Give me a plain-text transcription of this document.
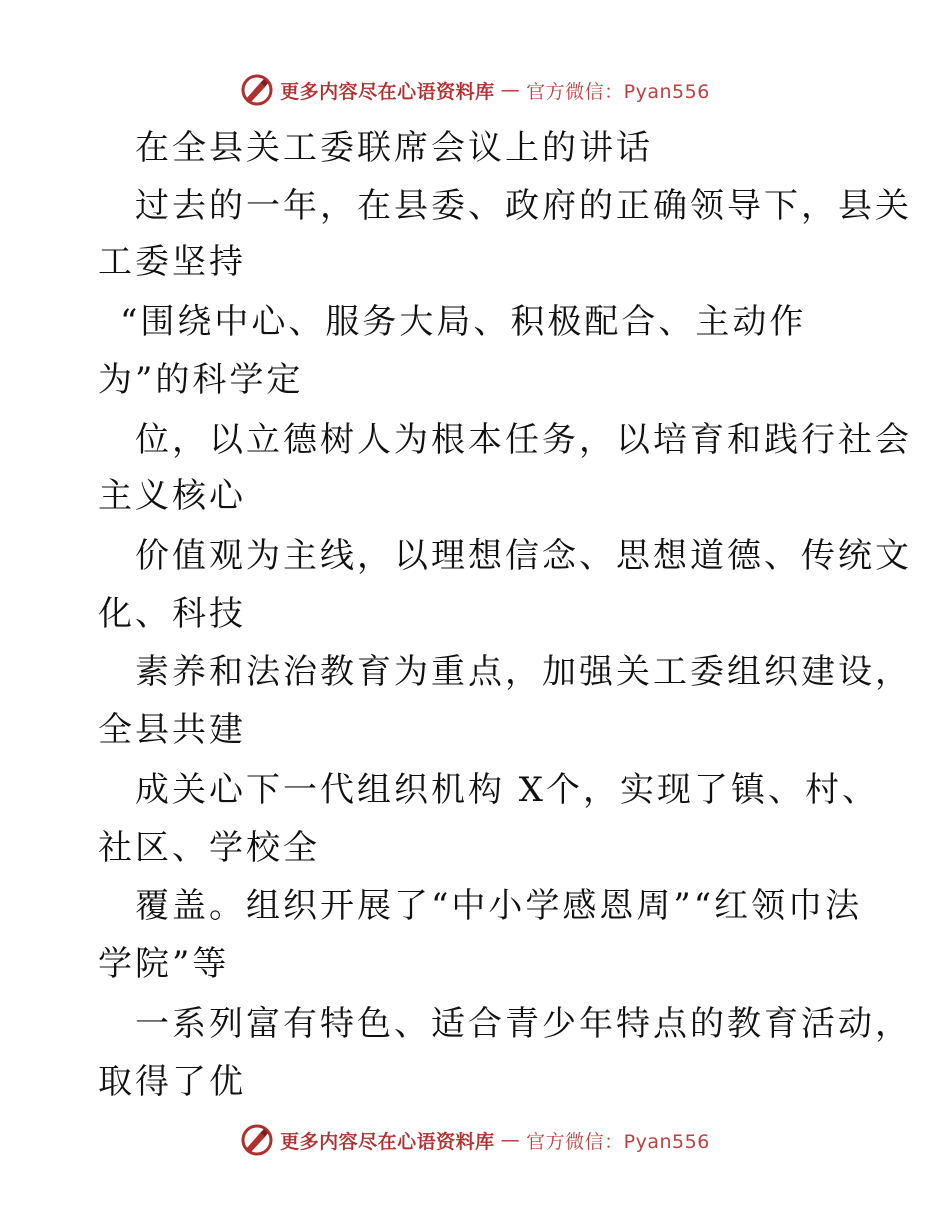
更多内容尽在心语资料库 — 官方微信：Pyan556
在全县关工委联席会议上的讲话
过去的一年，在县委、政府的正确领导下，县关
工委坚持
“围绕中心、服务大局、积极配合、主动作
为”的科学定
位，以立德树人为根本任务，以培育和践行社会
主义核心
价值观为主线，以理想信念、思想道德、传统文
化、科技
素养和法治教育为重点，加强关工委组织建设，
全县共建
成关心下一代组织机构 X个，实现了镇、村、
社区、学校全
覆盖。组织开展了“中小学感恩周”“红领巾法
学院”等
一系列富有特色、适合青少年特点的教育活动，
取得了优
更多内容尽在心语资料库 — 官方微信：Pyan556
